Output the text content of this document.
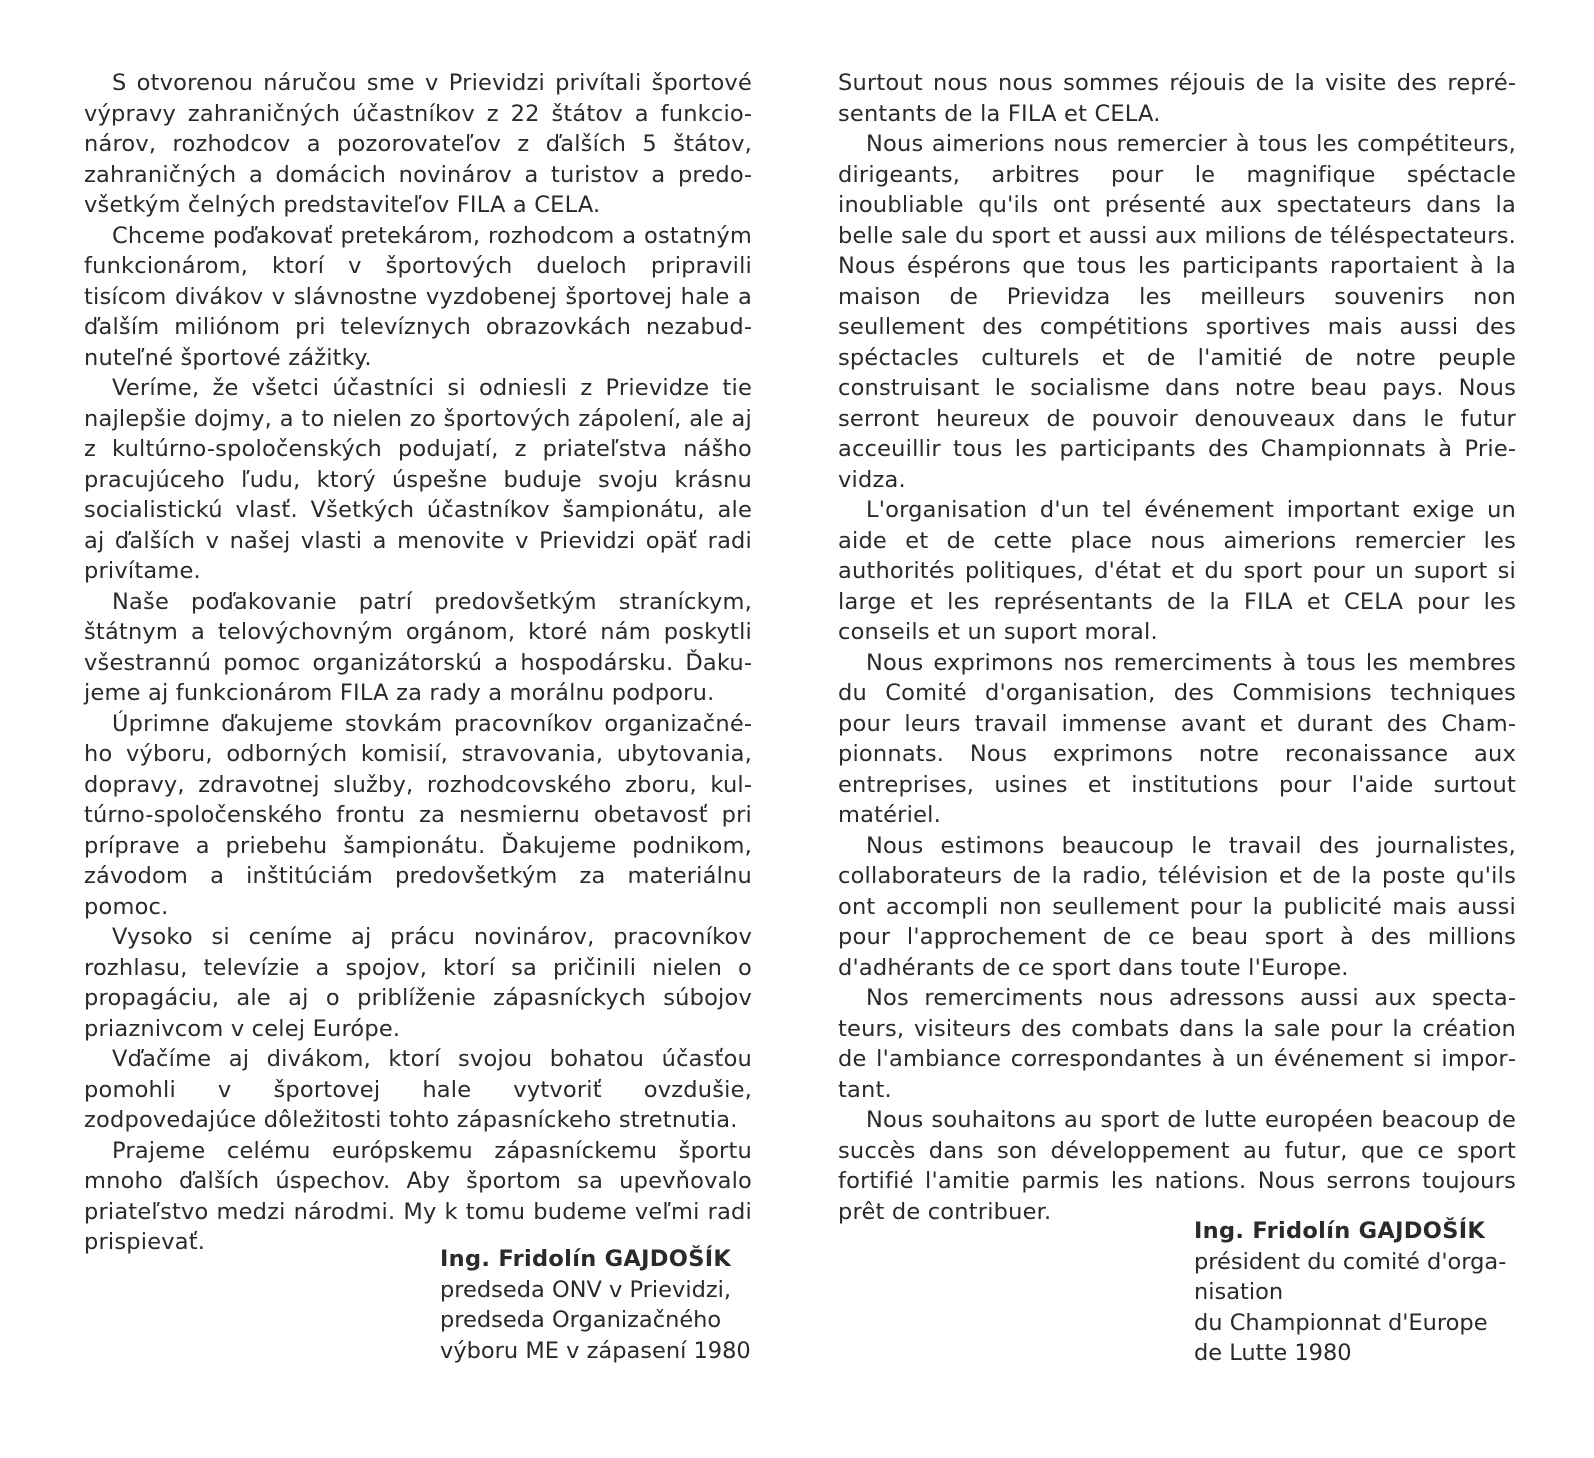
S otvorenou náručou sme v Prievidzi privítali športové výpravy zahraničných účastníkov z 22 štátov a funkcionárov, rozhodcov a pozorovateľov z ďalších 5 štátov, zahraničných a domácich novinárov a turistov a predovšetkým čelných predstaviteľov FILA a CELA.

Chceme poďakovať pretekárom, rozhodcom a ostatným funkcionárom, ktorí v športových dueloch pripravili tisícom divákov v slávnostne vyzdobenej športovej hale a ďalším miliónom pri televíznych obrazovkách nezabudnuteľné športové zážitky.

Veríme, že všetci účastníci si odniesli z Prievidze tie najlepšie dojmy, a to nielen zo športových zápolení, ale aj z kultúrno-spoločenských podujatí, z priateľstva nášho pracujúceho ľudu, ktorý úspešne buduje svoju krásnu socialistickú vlasť. Všetkých účastníkov šampionátu, ale aj ďalších v našej vlasti a menovite v Prievidzi opäť radi privítame.

Naše poďakovanie patrí predovšetkým straníckym, štátnym a telovýchovným orgánom, ktoré nám poskytli všestrannú pomoc organizátorskú a hospodársku. Ďakujeme aj funkcionárom FILA za rady a morálnu podporu.

Úprimne ďakujeme stovkám pracovníkov organizačného výboru, odborných komisií, stravovania, ubytovania, dopravy, zdravotnej služby, rozhodcovského zboru, kultúrno-spoločenského frontu za nesmiernu obetavosť pri príprave a priebehu šampionátu. Ďakujeme podnikom, závodom a inštitúciám predovšetkým za materiálnu pomoc.

Vysoko si ceníme aj prácu novinárov, pracovníkov rozhlasu, televízie a spojov, ktorí sa pričinili nielen o propagáciu, ale aj o priblíženie zápasníckych súbojov priaznivcom v celej Európe.

Vďačíme aj divákom, ktorí svojou bohatou účasťou pomohli v športovej hale vytvoriť ovzdušie, zodpovedajúce dôležitosti tohto zápasníckeho stretnutia.

Prajeme celému európskemu zápasníckemu športu mnoho ďalších úspechov. Aby športom sa upevňovalo priateľstvo medzi národmi. My k tomu budeme veľmi radi prispievať.

Ing. Fridolín GAJDOŠÍK
predseda ONV v Prievidzi,
predseda Organizačného
výboru ME v zápasení 1980

Surtout nous nous sommes réjouis de la visite des représentants de la FILA et CELA.

Nous aimerions nous remercier à tous les compétiteurs, dirigeants, arbitres pour le magnifique spéctacle inoubliable qu'ils ont présenté aux spectateurs dans la belle sale du sport et aussi aux milions de téléspectateurs. Nous éspérons que tous les participants raportaient à la maison de Prievidza les meilleurs souvenirs non seullement des compétitions sportives mais aussi des spéctacles culturels et de l'amitié de notre peuple construisant le socialisme dans notre beau pays. Nous serront heureux de pouvoir denouveaux dans le futur acceuillir tous les participants des Championnats à Prievidza.

L'organisation d'un tel événement important exige un aide et de cette place nous aimerions remercier les authorités politiques, d'état et du sport pour un suport si large et les représentants de la FILA et CELA pour les conseils et un suport moral.

Nous exprimons nos remerciments à tous les membres du Comité d'organisation, des Commisions techniques pour leurs travail immense avant et durant des Championnats. Nous exprimons notre reconaissance aux entreprises, usines et institutions pour l'aide surtout matériel.

Nous estimons beaucoup le travail des journalistes, collaborateurs de la radio, télévision et de la poste qu'ils ont accompli non seullement pour la publicité mais aussi pour l'approchement de ce beau sport à des millions d'adhérants de ce sport dans toute l'Europe.

Nos remerciments nous adressons aussi aux spectateurs, visiteurs des combats dans la sale pour la création de l'ambiance correspondantes à un événement si important.

Nous souhaitons au sport de lutte européen beacoup de succès dans son développement au futur, que ce sport fortifié l'amitie parmis les nations. Nous serrons toujours prêt de contribuer.

Ing. Fridolín GAJDOŠÍK
président du comité d'orga-
nisation
du Championnat d'Europe
de Lutte 1980
